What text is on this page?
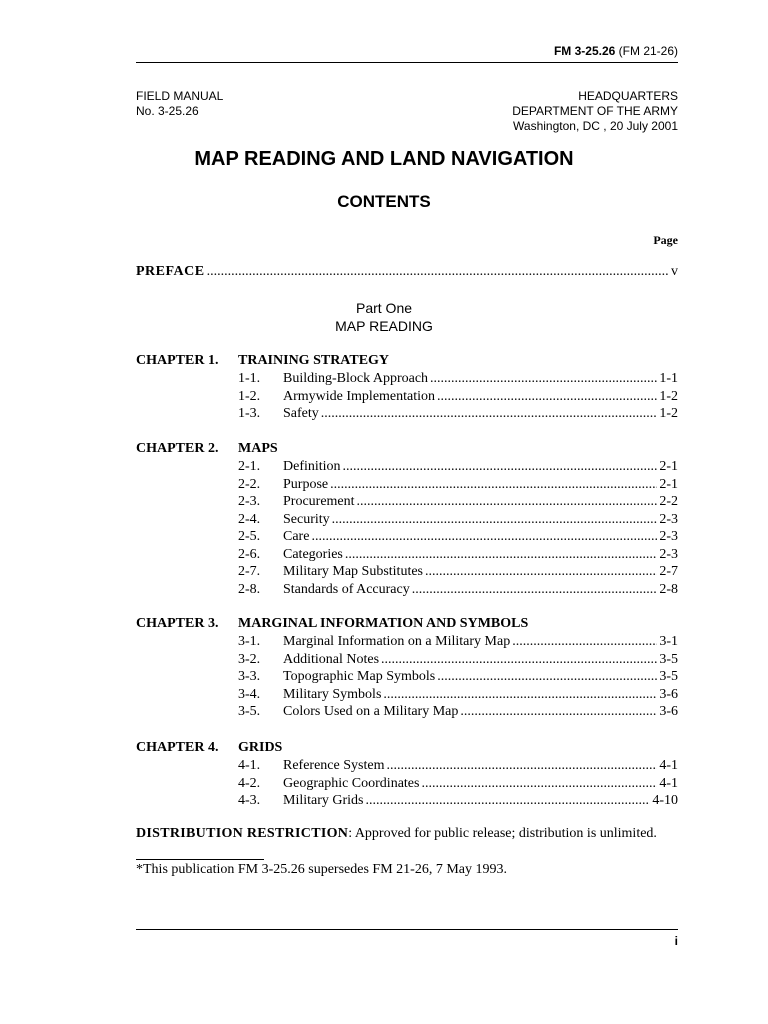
FM 3-25.26 (FM 21-26)
FIELD MANUAL
No. 3-25.26
HEADQUARTERS
DEPARTMENT OF THE ARMY
Washington, DC , 20 July 2001
MAP READING AND LAND NAVIGATION
CONTENTS
Page
PREFACE .....	v
Part One
MAP READING
CHAPTER 1.	TRAINING STRATEGY
1-1.	Building-Block Approach .....	1-1
1-2.	Armywide Implementation .....	1-2
1-3.	Safety .....	1-2
CHAPTER 2.	MAPS
2-1.	Definition .....	2-1
2-2.	Purpose .....	2-1
2-3.	Procurement .....	2-2
2-4.	Security .....	2-3
2-5.	Care .....	2-3
2-6.	Categories .....	2-3
2-7.	Military Map Substitutes .....	2-7
2-8.	Standards of Accuracy .....	2-8
CHAPTER 3.	MARGINAL INFORMATION AND SYMBOLS
3-1.	Marginal Information on a Military Map .....	3-1
3-2.	Additional Notes .....	3-5
3-3.	Topographic Map Symbols .....	3-5
3-4.	Military Symbols .....	3-6
3-5.	Colors Used on a Military Map .....	3-6
CHAPTER 4.	GRIDS
4-1.	Reference System .....	4-1
4-2.	Geographic Coordinates .....	4-1
4-3.	Military Grids .....	4-10
DISTRIBUTION RESTRICTION: Approved for public release; distribution is unlimited.
*This publication FM 3-25.26 supersedes FM 21-26, 7 May 1993.
i
